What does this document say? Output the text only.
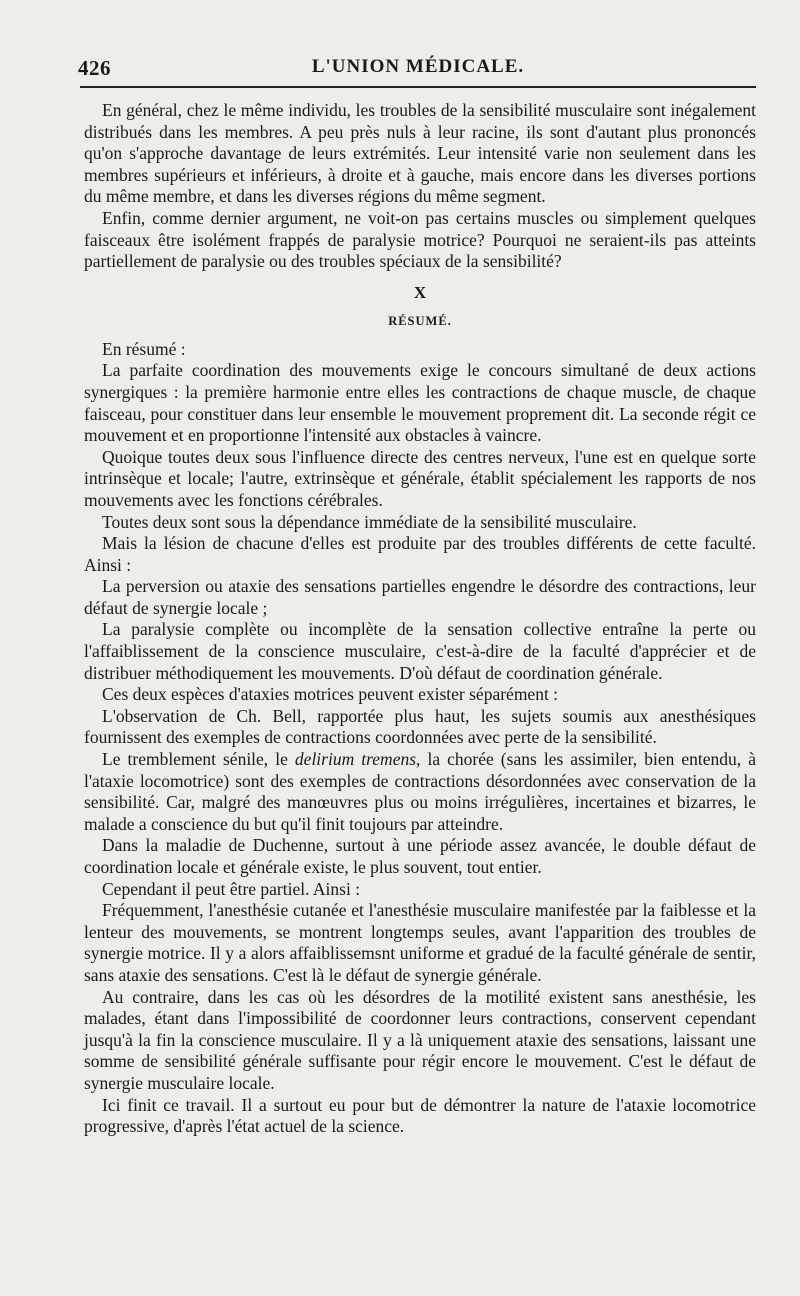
426	L'UNION MÉDICALE.

En général, chez le même individu, les troubles de la sensibilité musculaire sont inégalement distribués dans les membres. A peu près nuls à leur racine, ils sont d'autant plus prononcés qu'on s'approche davantage de leurs extrémités. Leur intensité varie non seulement dans les membres supérieurs et inférieurs, à droite et à gauche, mais encore dans les diverses portions du même membre, et dans les diverses régions du même segment.

Enfin, comme dernier argument, ne voit-on pas certains muscles ou simplement quelques faisceaux être isolément frappés de paralysie motrice? Pourquoi ne seraient-ils pas atteints partiellement de paralysie ou des troubles spéciaux de la sensibilité?

X
RÉSUMÉ.

En résumé :

La parfaite coordination des mouvements exige le concours simultané de deux actions synergiques : la première harmonie entre elles les contractions de chaque muscle, de chaque faisceau, pour constituer dans leur ensemble le mouvement proprement dit. La seconde régit ce mouvement et en proportionne l'intensité aux obstacles à vaincre.

Quoique toutes deux sous l'influence directe des centres nerveux, l'une est en quelque sorte intrinsèque et locale; l'autre, extrinsèque et générale, établit spécialement les rapports de nos mouvements avec les fonctions cérébrales.

Toutes deux sont sous la dépendance immédiate de la sensibilité musculaire.

Mais la lésion de chacune d'elles est produite par des troubles différents de cette faculté. Ainsi :

La perversion ou ataxie des sensations partielles engendre le désordre des contractions, leur défaut de synergie locale ;

La paralysie complète ou incomplète de la sensation collective entraîne la perte ou l'affaiblissement de la conscience musculaire, c'est-à-dire de la faculté d'apprécier et de distribuer méthodiquement les mouvements. D'où défaut de coordination générale.

Ces deux espèces d'ataxies motrices peuvent exister séparément :

L'observation de Ch. Bell, rapportée plus haut, les sujets soumis aux anesthésiques fournissent des exemples de contractions coordonnées avec perte de la sensibilité.

Le tremblement sénile, le delirium tremens, la chorée (sans les assimiler, bien entendu, à l'ataxie locomotrice) sont des exemples de contractions désordonnées avec conservation de la sensibilité. Car, malgré des manœuvres plus ou moins irrégulières, incertaines et bizarres, le malade a conscience du but qu'il finit toujours par atteindre.

Dans la maladie de Duchenne, surtout à une période assez avancée, le double défaut de coordination locale et générale existe, le plus souvent, tout entier.

Cependant il peut être partiel. Ainsi :

Fréquemment, l'anesthésie cutanée et l'anesthésie musculaire manifestée par la faiblesse et la lenteur des mouvements, se montrent longtemps seules, avant l'apparition des troubles de synergie motrice. Il y a alors affaiblissemsnt uniforme et gradué de la faculté générale de sentir, sans ataxie des sensations. C'est là le défaut de synergie générale.

Au contraire, dans les cas où les désordres de la motilité existent sans anesthésie, les malades, étant dans l'impossibilité de coordonner leurs contractions, conservent cependant jusqu'à la fin la conscience musculaire. Il y a là uniquement ataxie des sensations, laissant une somme de sensibilité générale suffisante pour régir encore le mouvement. C'est le défaut de synergie musculaire locale.

Ici finit ce travail. Il a surtout eu pour but de démontrer la nature de l'ataxie locomotrice progressive, d'après l'état actuel de la science.
